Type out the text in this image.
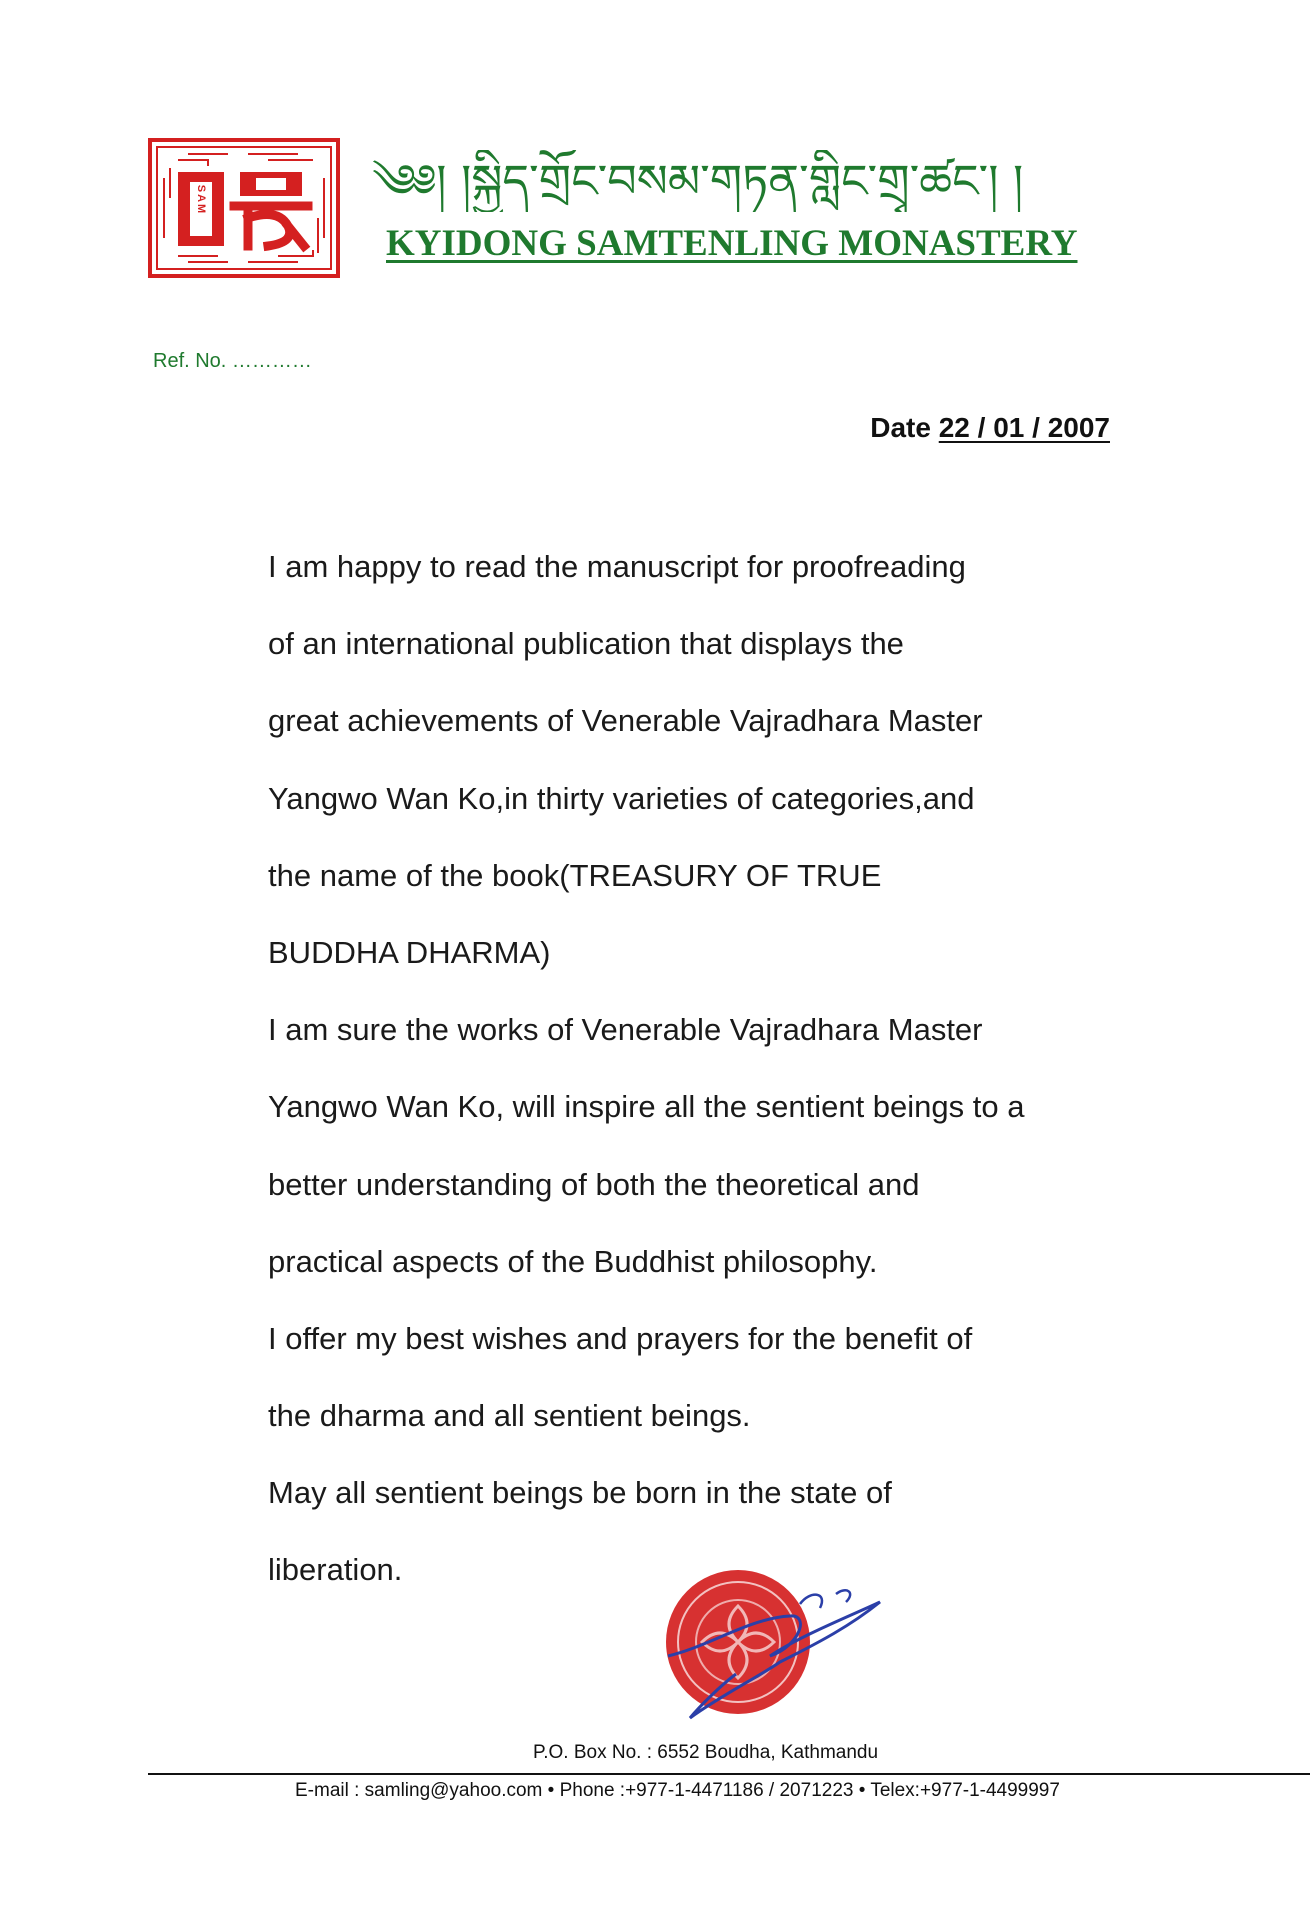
SAM	༄༅། །སྐྱིད་གྲོང་བསམ་གཏན་གླིང་གྲྭ་ཚང་། །
KYIDONG SAMTENLING MONASTERY
Ref. No. …………
Date 22 / 01 / 2007
I am happy to read the manuscript for proofreading
of an international publication that displays the
great achievements of Venerable Vajradhara Master
Yangwo Wan Ko,in thirty varieties of categories,and
the name of the book(TREASURY OF TRUE
BUDDHA DHARMA)
I am sure the works of Venerable Vajradhara Master
Yangwo Wan Ko, will inspire all the sentient beings to a
better understanding of both the theoretical and
practical aspects of the Buddhist philosophy.
I offer my best wishes and prayers for the benefit of
the dharma and all sentient beings.
May all sentient beings be born in the state of
liberation.
P.O. Box No. : 6552 Boudha, Kathmandu
E-mail : samling@yahoo.com • Phone :+977-1-4471186 / 2071223 • Telex:+977-1-4499997
